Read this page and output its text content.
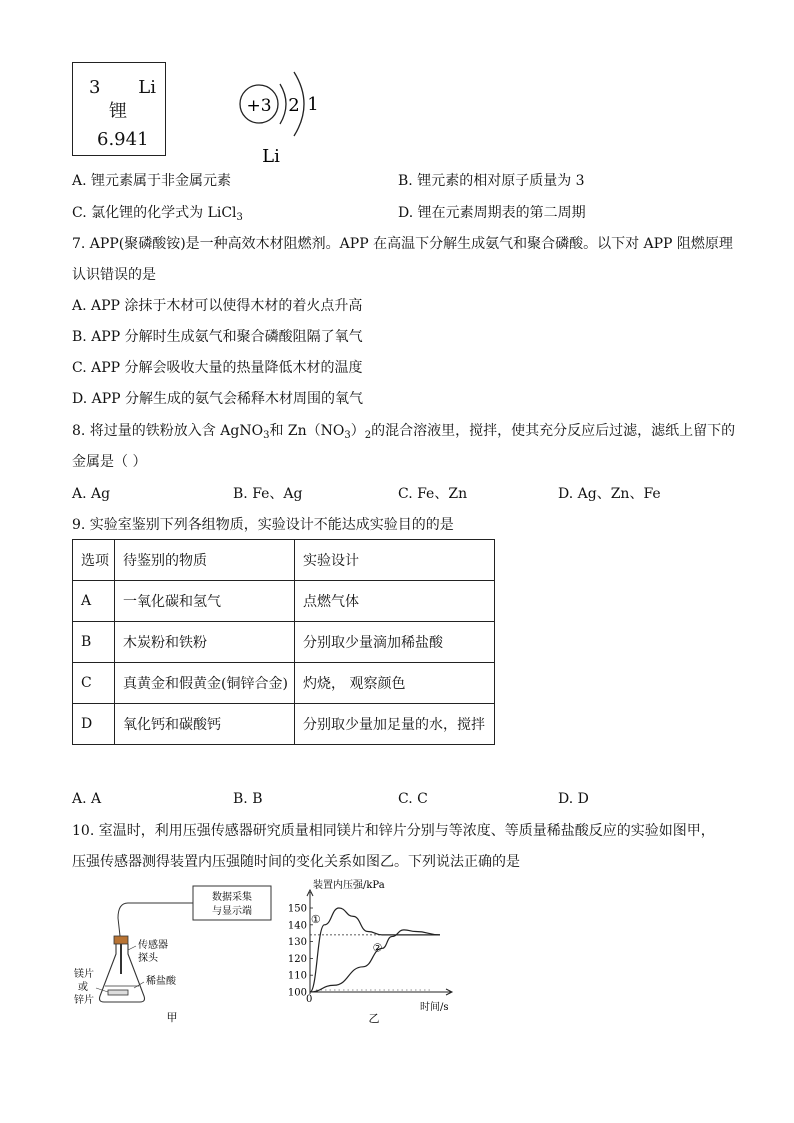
3 Li
锂
6.941
+3 2 1
Li
A. 锂元素属于非金属元素	B. 锂元素的相对原子质量为 3
C. 氯化锂的化学式为 LiCl$_3$	D. 锂在元素周期表的第二周期
7. APP(聚磷酸铵)是一种高效木材阻燃剂。APP 在高温下分解生成氨气和聚合磷酸。以下对 APP 阻燃原理
认识错误的是
A. APP 涂抹于木材可以使得木材的着火点升高
B. APP 分解时生成氨气和聚合磷酸阻隔了氧气
C. APP 分解会吸收大量的热量降低木材的温度
D. APP 分解生成的氨气会稀释木材周围的氧气
8. 将过量的铁粉放入含 AgNO$_3$和 $Zn(NO_3)_2$的混合溶液里，搅拌，使其充分反应后过滤，滤纸上留下的
金属是（ ）
A. Ag	B. Fe、Ag	C. Fe、Zn	D. Ag、Zn、Fe
9. 实验室鉴别下列各组物质，实验设计不能达成实验目的的是
选项	待鉴别的物质	实验设计
A	一氧化碳和氢气	点燃气体
B	木炭粉和铁粉	分别取少量滴加稀盐酸
C	真黄金和假黄金(铜锌合金)	灼烧， 观察颜色
D	氧化钙和碳酸钙	分别取少量加足量的水，搅拌
A. A	B. B	C. C	D. D
10. 室温时，利用压强传感器研究质量相同镁片和锌片分别与等浓度、等质量稀盐酸反应的实验如图甲，
压强传感器测得装置内压强随时间的变化关系如图乙。下列说法正确的是
数据采集
与显示端
传感器
探头
镁片
或
锌片
稀盐酸
甲
100
110
120
130
140
150
①
②
装置内压强/kPa
时间/s
0
乙
